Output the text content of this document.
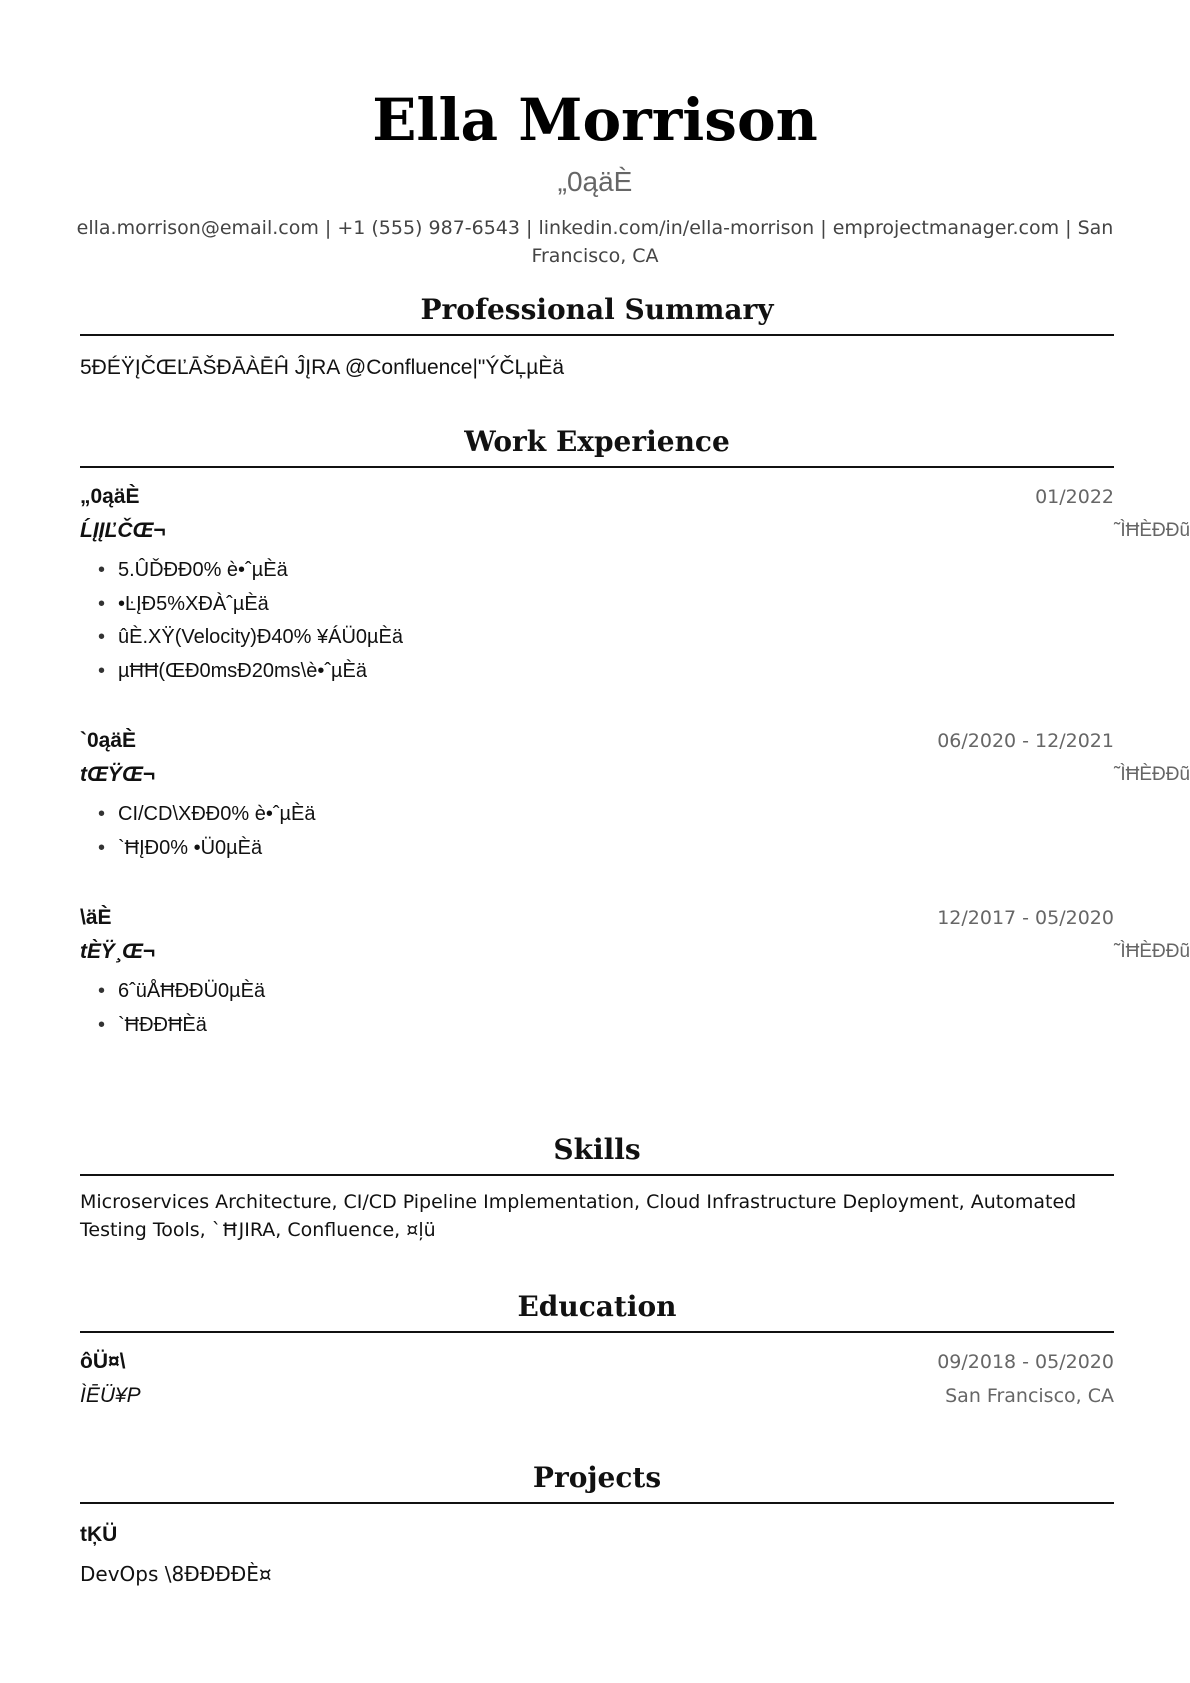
Ella Morrison
„0ąäÈ

ella.morrison@email.com | +1 (555) 987-6543 | linkedin.com/in/ella-morrison | emprojectmanager.com | San Francisco, CA

Professional Summary
5ĐÉŸĮČŒĽĀŠĐĀÀĒĤ ĴĮRA @Confluence|"ÝČĻµÈä
Work Experience
„0ąäÈ	01/2022
ĹĮĮĽČŒ¬	˜ÌĦÈÐĐũ
• 5.ÛĎĐĐ0% è•ˆµÈä
• •ĿĮĐ5%XĐÀˆµÈä
• ûÈ.XŸ(Velocity)Đ40% ¥ÁÜ0µÈä
• µĦĦ(ŒĐ0msĐ20ms\è•ˆµÈä
`0ąäÈ	06/2020 - 12/2021
tŒŸŒ¬	˜ÌĦÈÐĐũ
• CI/CD\XĐĐ0% è•ˆµÈä
• `ĦĮĐ0% •Ü0µÈä
\äÈ	12/2017 - 05/2020
tÈŸ¸Œ¬	˜ÌĦÈÐĐũ
• 6ˆüÅĦĐĐÜ0µÈä
• `ĦĐĐĦÈä
Skills
Microservices Architecture, CI/CD Pipeline Implementation, Cloud Infrastructure Deployment, Automated Testing Tools, `ĦJIRA, Confluence, ¤ļü
Education
ôÜ¤\	09/2018 - 05/2020
ÌĒÜ¥P	San Francisco, CA
Projects
tĶÜ
DevOps \8ĐĐĐĐÈ¤
